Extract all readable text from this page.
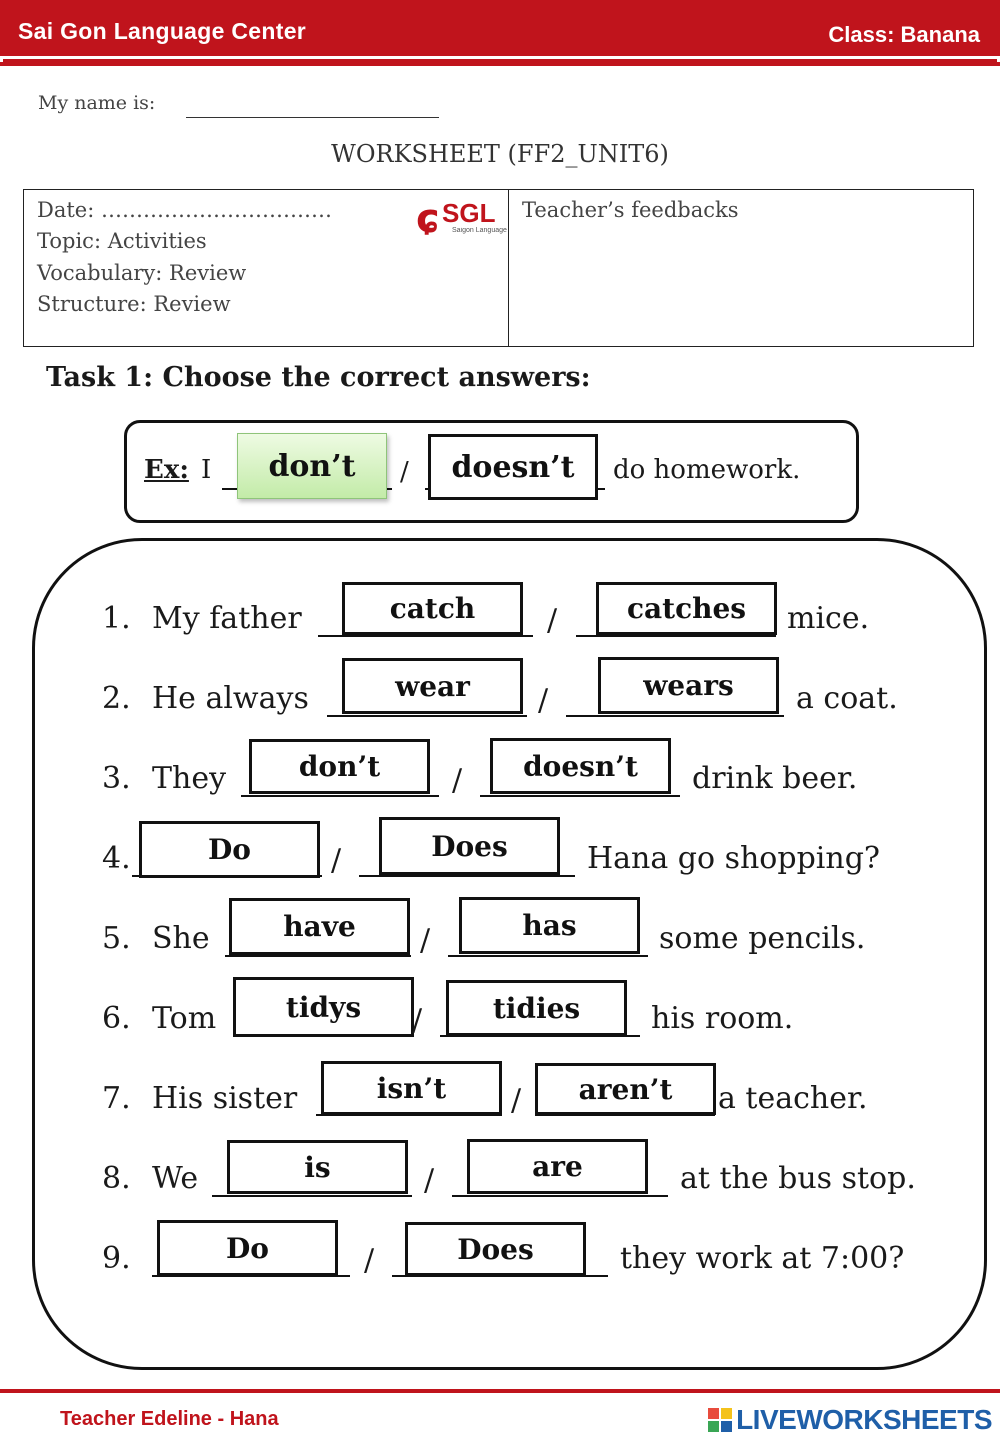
Sai Gon Language Center	Class: Banana
My name is:
WORKSHEET (FF2_UNIT6)
Date: ……………………………
Topic: Activities
Vocabulary: Review
Structure: Review
ɕ SGL
Saigon Language
Teacher’s feedbacks
Task 1: Choose the correct answers:
Ex: I	don’t	/	doesn’t	do homework.
1. My father	catch	/	catches	mice.
2. He always	wear	/	wears	a coat.
3. They	don’t	/	doesn’t	drink beer.
4.	Do	/	Does	Hana go shopping?
5. She	have	/	has	some pencils.
6. Tom	tidys	/	tidies	his room.
7. His sister	isn’t	/	aren’t	a teacher.
8. We	is	/	are	at the bus stop.
9.	Do	/	Does	they work at 7:00?
Teacher Edeline - Hana	LIVEWORKSHEETS
